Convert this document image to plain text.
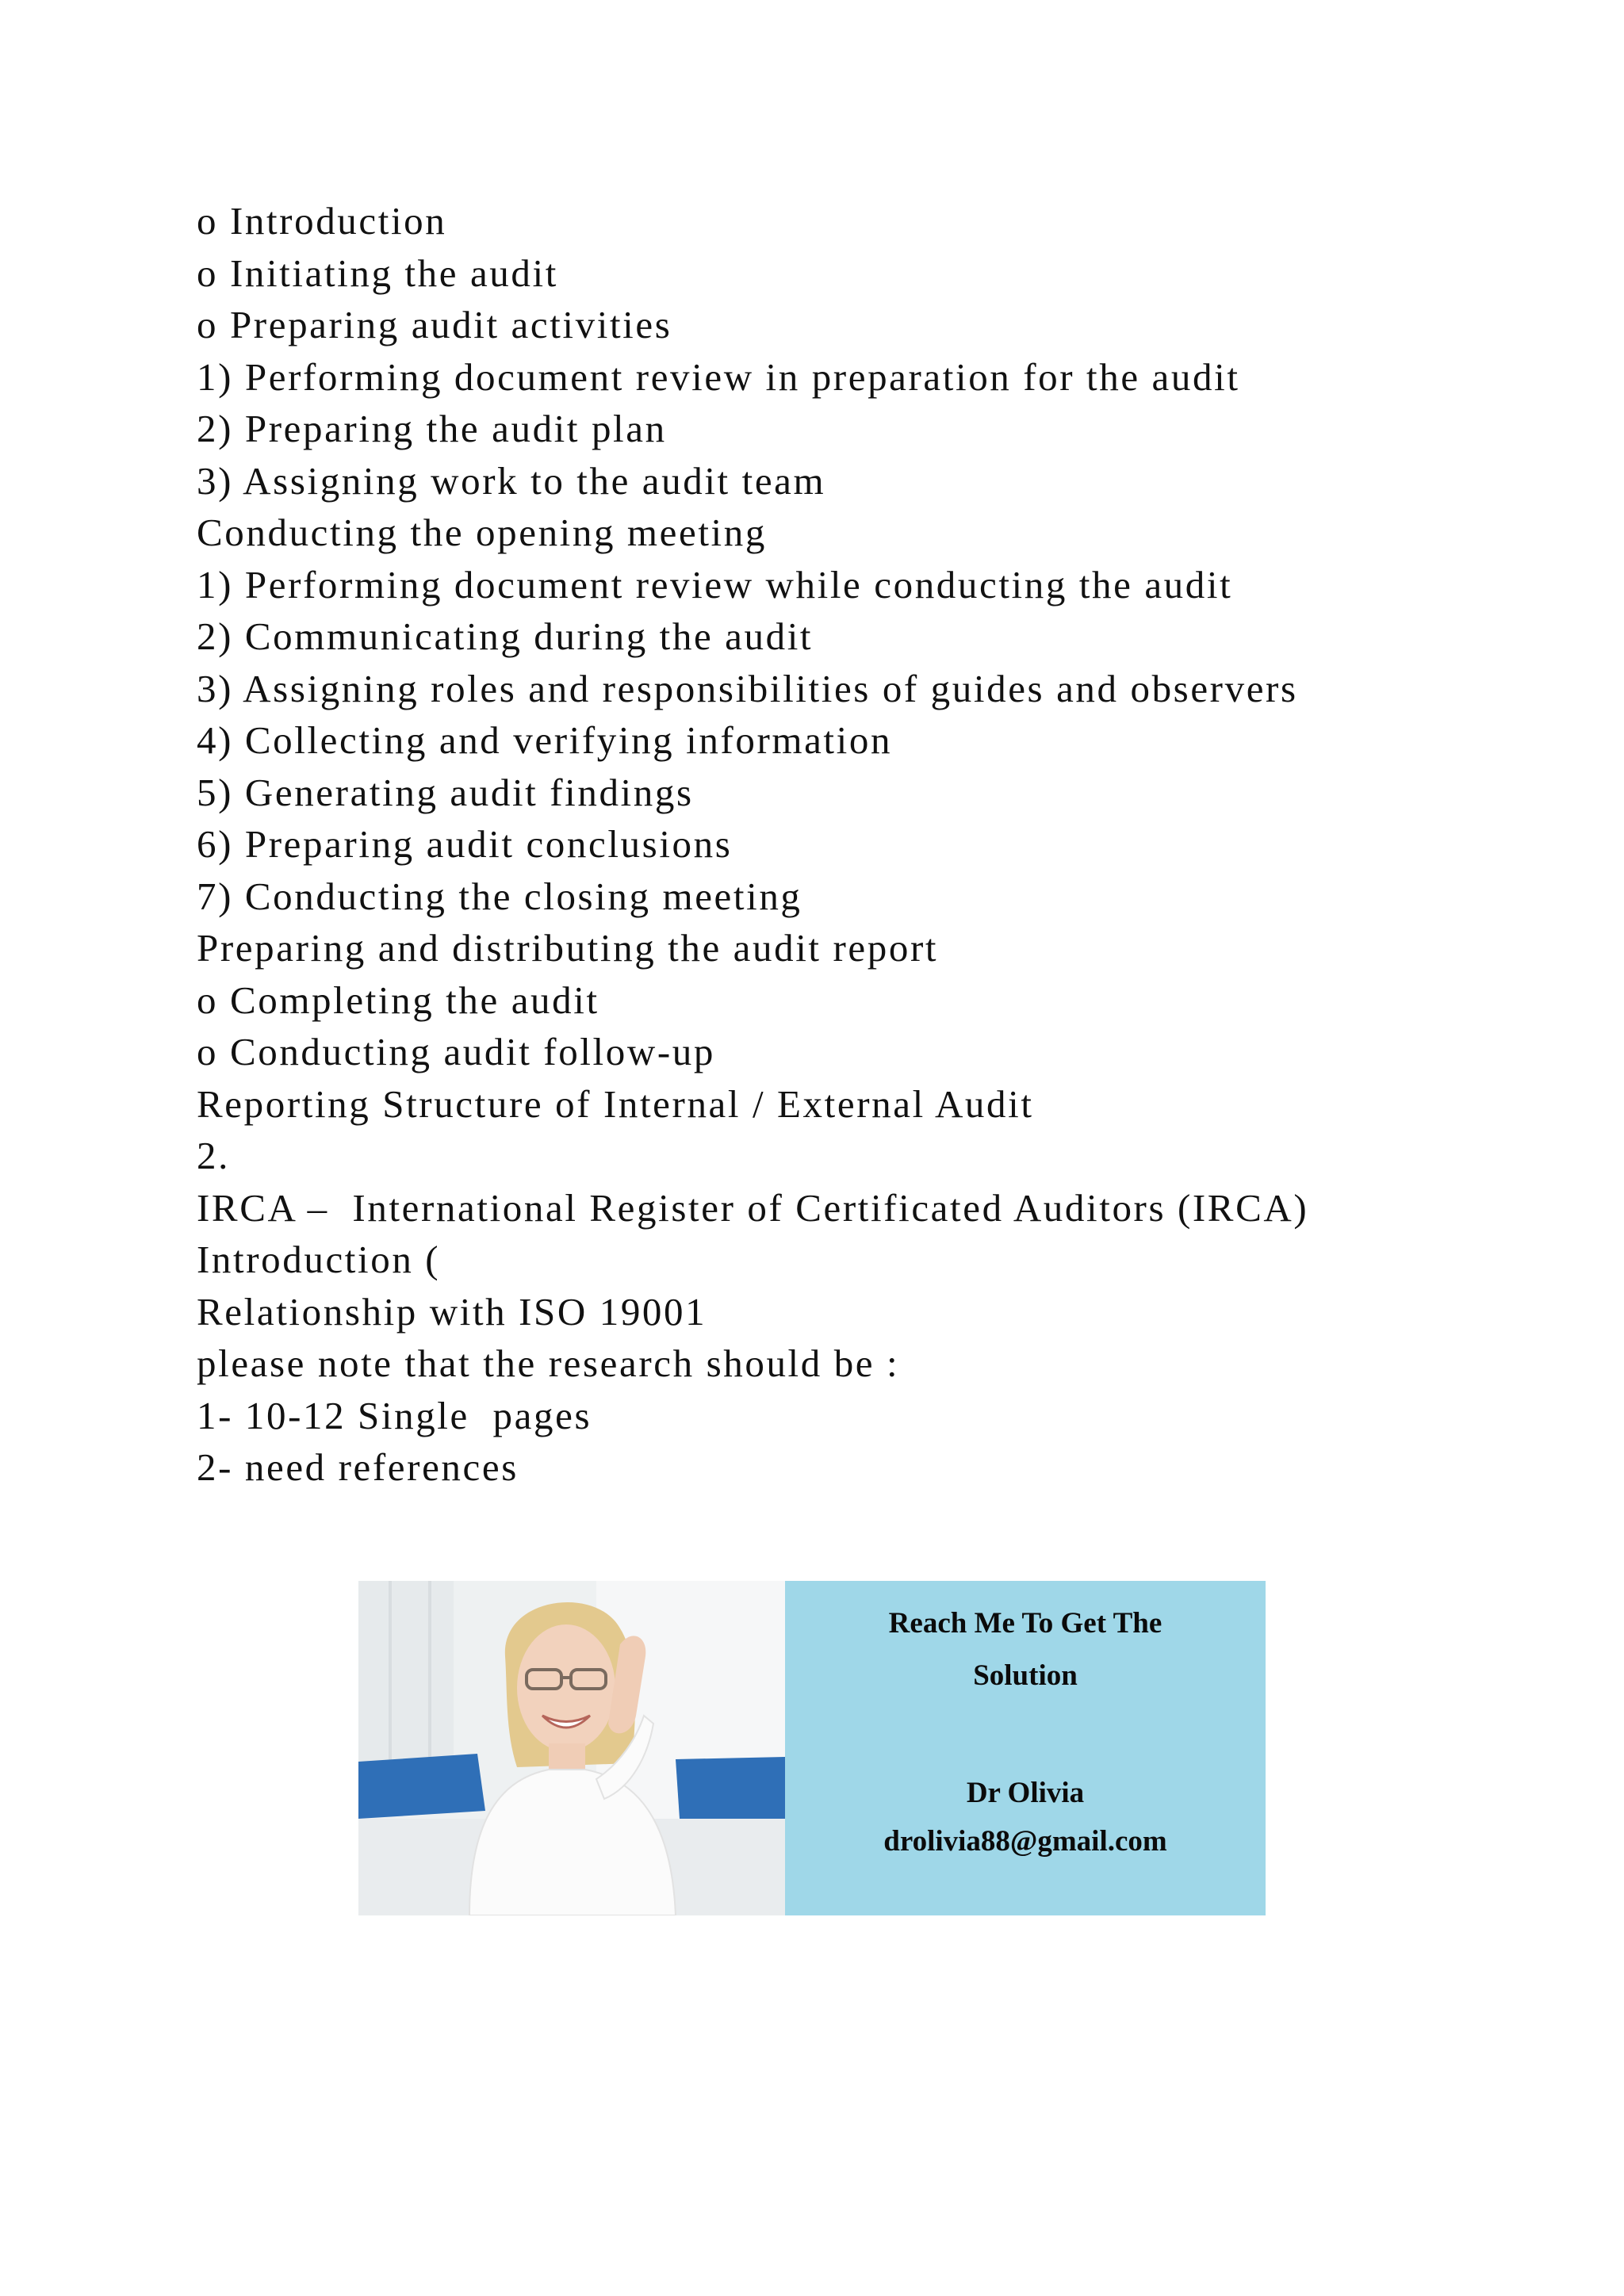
o Introduction
o Initiating the audit
o Preparing audit activities
1) Performing document review in preparation for the audit
2) Preparing the audit plan
3) Assigning work to the audit team
Conducting the opening meeting
1) Performing document review while conducting the audit
2) Communicating during the audit
3) Assigning roles and responsibilities of guides and observers
4) Collecting and verifying information
5) Generating audit findings
6) Preparing audit conclusions
7) Conducting the closing meeting
Preparing and distributing the audit report
o Completing the audit
o Conducting audit follow-up
Reporting Structure of Internal / External Audit
2.
IRCA –  International Register of Certificated Auditors (IRCA)
Introduction (
Relationship with ISO 19001
please note that the research should be :
1- 10-12 Single  pages
2- need references
Reach Me To Get The
Solution
Dr Olivia
drolivia88@gmail.com
